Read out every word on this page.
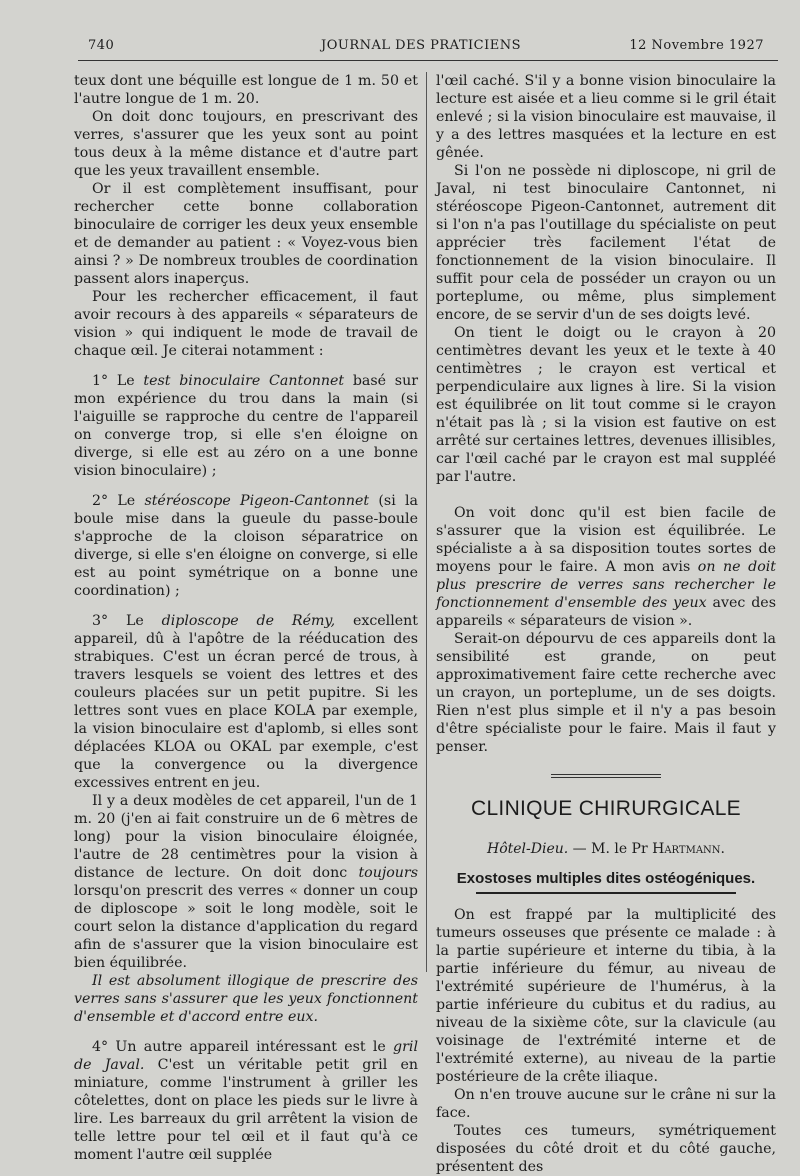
740	JOURNAL DES PRATICIENS	12 Novembre 1927

teux dont une béquille est longue de 1 m. 50 et l'autre longue de 1 m. 20.

On doit donc toujours, en prescrivant des verres, s'assurer que les yeux sont au point tous deux à la même distance et d'autre part que les yeux travaillent ensemble.

Or il est complètement insuffisant, pour rechercher cette bonne collaboration binoculaire de corriger les deux yeux ensemble et de demander au patient : « Voyez-vous bien ainsi ? » De nombreux troubles de coordination passent alors inaperçus.

Pour les rechercher efficacement, il faut avoir recours à des appareils « séparateurs de vision » qui indiquent le mode de travail de chaque œil. Je citerai notamment :

1° Le test binoculaire Cantonnet basé sur mon expérience du trou dans la main (si l'aiguille se rapproche du centre de l'appareil on converge trop, si elle s'en éloigne on diverge, si elle est au zéro on a une bonne vision binoculaire) ;

2° Le stéréoscope Pigeon-Cantonnet (si la boule mise dans la gueule du passe-boule s'approche de la cloison séparatrice on diverge, si elle s'en éloigne on converge, si elle est au point symétrique on a bonne une coordination) ;

3° Le diploscope de Rémy, excellent appareil, dû à l'apôtre de la rééducation des strabiques. C'est un écran percé de trous, à travers lesquels se voient des lettres et des couleurs placées sur un petit pupitre. Si les lettres sont vues en place KOLA par exemple, la vision binoculaire est d'aplomb, si elles sont déplacées KLOA ou OKAL par exemple, c'est que la convergence ou la divergence excessives entrent en jeu.

Il y a deux modèles de cet appareil, l'un de 1 m. 20 (j'en ai fait construire un de 6 mètres de long) pour la vision binoculaire éloignée, l'autre de 28 centimètres pour la vision à distance de lecture. On doit donc toujours lorsqu'on prescrit des verres « donner un coup de diploscope » soit le long modèle, soit le court selon la distance d'application du regard afin de s'assurer que la vision binoculaire est bien équilibrée.

Il est absolument illogique de prescrire des verres sans s'assurer que les yeux fonctionnent d'ensemble et d'accord entre eux.

4° Un autre appareil intéressant est le gril de Javal. C'est un véritable petit gril en miniature, comme l'instrument à griller les côtelettes, dont on place les pieds sur le livre à lire. Les barreaux du gril arrêtent la vision de telle lettre pour tel œil et il faut qu'à ce moment l'autre œil supplée

l'œil caché. S'il y a bonne vision binoculaire la lecture est aisée et a lieu comme si le gril était enlevé ; si la vision binoculaire est mauvaise, il y a des lettres masquées et la lecture en est gênée.

Si l'on ne possède ni diploscope, ni gril de Javal, ni test binoculaire Cantonnet, ni stéréoscope Pigeon-Cantonnet, autrement dit si l'on n'a pas l'outillage du spécialiste on peut apprécier très facilement l'état de fonctionnement de la vision binoculaire. Il suffit pour cela de posséder un crayon ou un porteplume, ou même, plus simplement encore, de se servir d'un de ses doigts levé.

On tient le doigt ou le crayon à 20 centimètres devant les yeux et le texte à 40 centimètres ; le crayon est vertical et perpendiculaire aux lignes à lire. Si la vision est équilibrée on lit tout comme si le crayon n'était pas là ; si la vision est fautive on est arrêté sur certaines lettres, devenues illisibles, car l'œil caché par le crayon est mal suppléé par l'autre.

On voit donc qu'il est bien facile de s'assurer que la vision est équilibrée. Le spécialiste a à sa disposition toutes sortes de moyens pour le faire. A mon avis on ne doit plus prescrire de verres sans rechercher le fonctionnement d'ensemble des yeux avec des appareils « séparateurs de vision ».

Serait-on dépourvu de ces appareils dont la sensibilité est grande, on peut approximativement faire cette recherche avec un crayon, un porteplume, un de ses doigts. Rien n'est plus simple et il n'y a pas besoin d'être spécialiste pour le faire. Mais il faut y penser.

CLINIQUE CHIRURGICALE
Hôtel-Dieu. — M. le Pr Hartmann.
Exostoses multiples dites ostéogéniques.

On est frappé par la multiplicité des tumeurs osseuses que présente ce malade : à la partie supérieure et interne du tibia, à la partie inférieure du fémur, au niveau de l'extrémité supérieure de l'humérus, à la partie inférieure du cubitus et du radius, au niveau de la sixième côte, sur la clavicule (au voisinage de l'extrémité interne et de l'extrémité externe), au niveau de la partie postérieure de la crête iliaque.

On n'en trouve aucune sur le crâne ni sur la face.

Toutes ces tumeurs, symétriquement disposées du côté droit et du côté gauche, présentent des
